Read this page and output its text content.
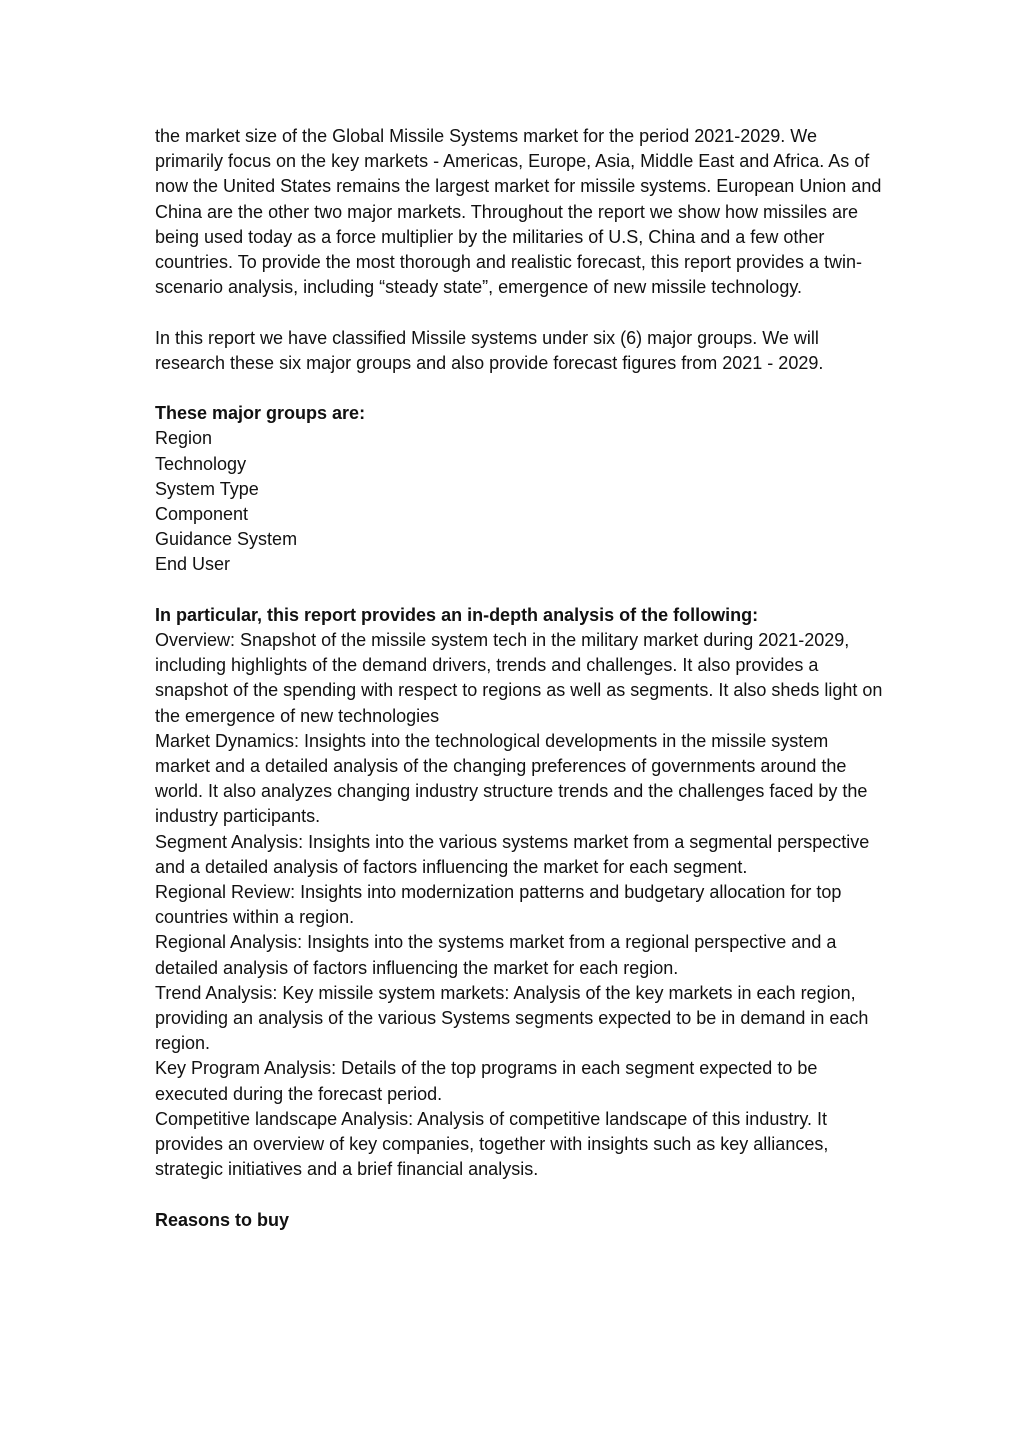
the market size of the Global Missile Systems market for the period 2021-2029. We primarily focus on the key markets - Americas, Europe, Asia, Middle East and Africa. As of now the United States remains the largest market for missile systems. European Union and China are the other two major markets. Throughout the report we show how missiles are being used today as a force multiplier by the militaries of U.S, China and a few other countries. To provide the most thorough and realistic forecast, this report provides a twin-scenario analysis, including “steady state”, emergence of new missile technology.

In this report we have classified Missile systems under six (6) major groups. We will research these six major groups and also provide forecast figures from 2021 - 2029.

These major groups are:

Region
Technology
System Type
Component
Guidance System
End User

In particular, this report provides an in-depth analysis of the following:

Overview: Snapshot of the missile system tech in the military market during 2021-2029, including highlights of the demand drivers, trends and challenges. It also provides a snapshot of the spending with respect to regions as well as segments. It also sheds light on the emergence of new technologies

Market Dynamics: Insights into the technological developments in the missile system market and a detailed analysis of the changing preferences of governments around the world. It also analyzes changing industry structure trends and the challenges faced by the industry participants.

Segment Analysis: Insights into the various systems market from a segmental perspective and a detailed analysis of factors influencing the market for each segment.

Regional Review: Insights into modernization patterns and budgetary allocation for top countries within a region.

Regional Analysis: Insights into the systems market from a regional perspective and a detailed analysis of factors influencing the market for each region.

Trend Analysis: Key missile system markets: Analysis of the key markets in each region, providing an analysis of the various Systems segments expected to be in demand in each region.

Key Program Analysis: Details of the top programs in each segment expected to be executed during the forecast period.

Competitive landscape Analysis: Analysis of competitive landscape of this industry. It provides an overview of key companies, together with insights such as key alliances, strategic initiatives and a brief financial analysis.

Reasons to buy
